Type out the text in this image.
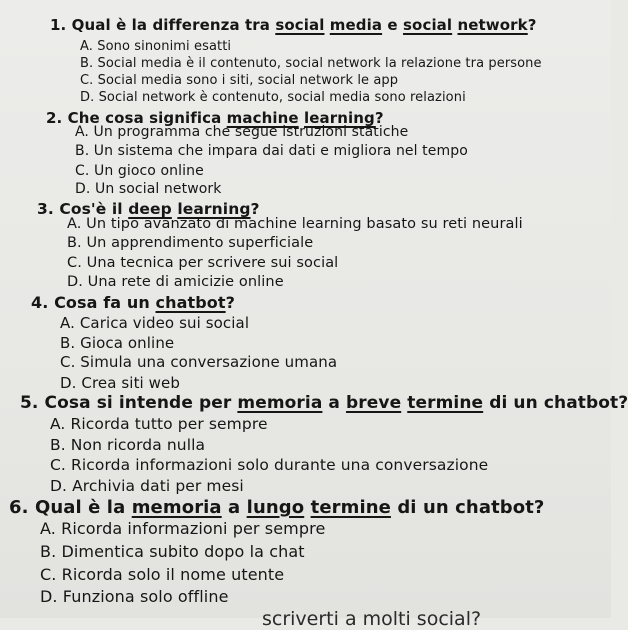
1. Qual è la differenza tra social media e social network?
A. Sono sinonimi esatti
B. Social media è il contenuto, social network la relazione tra persone
C. Social media sono i siti, social network le app
D. Social network è contenuto, social media sono relazioni
2. Che cosa significa machine learning?
A. Un programma che segue istruzioni statiche
B. Un sistema che impara dai dati e migliora nel tempo
C. Un gioco online
D. Un social network
3. Cos'è il deep learning?
A. Un tipo avanzato di machine learning basato su reti neurali
B. Un apprendimento superficiale
C. Una tecnica per scrivere sui social
D. Una rete di amicizie online
4. Cosa fa un chatbot?
A. Carica video sui social
B. Gioca online
C. Simula una conversazione umana
D. Crea siti web
5. Cosa si intende per memoria a breve termine di un chatbot?
A. Ricorda tutto per sempre
B. Non ricorda nulla
C. Ricorda informazioni solo durante una conversazione
D. Archivia dati per mesi
6. Qual è la memoria a lungo termine di un chatbot?
A. Ricorda informazioni per sempre
B. Dimentica subito dopo la chat
C. Ricorda solo il nome utente
D. Funziona solo offline
scriverti a molti social?
